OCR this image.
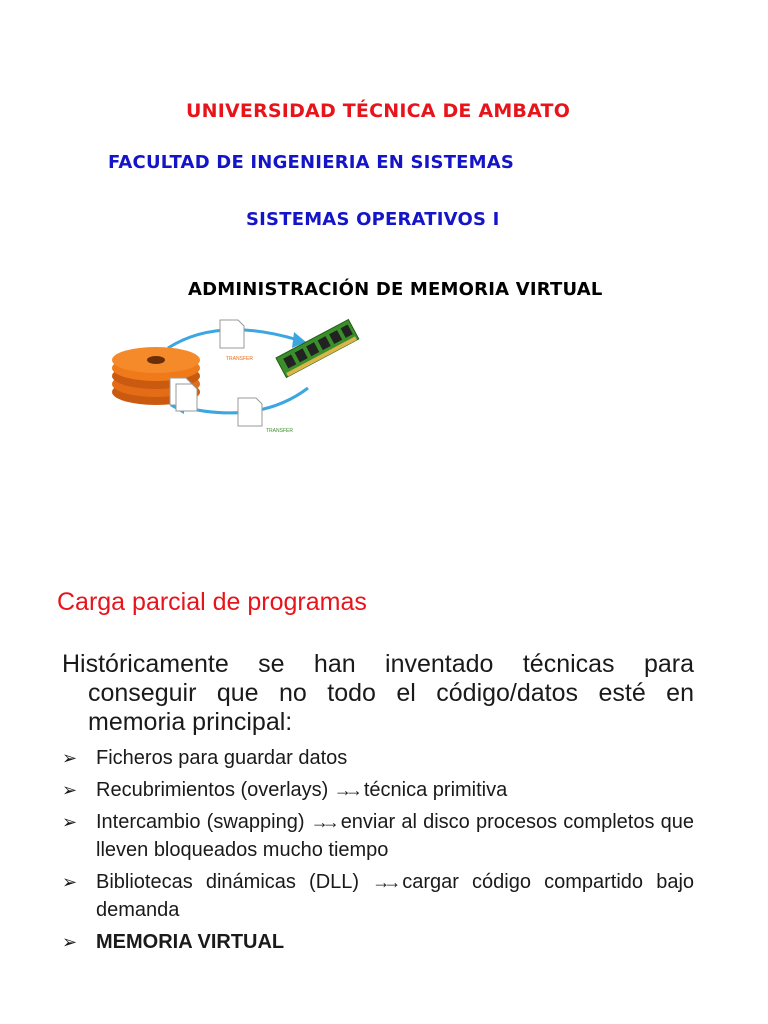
UNIVERSIDAD TÉCNICA DE AMBATO
FACULTAD DE INGENIERIA EN SISTEMAS
SISTEMAS OPERATIVOS I
ADMINISTRACIÓN DE MEMORIA VIRTUAL
TRANSFER
TRANSFER
Carga parcial de programas

Históricamente se han inventado técnicas para conseguir que no todo el código/datos esté en memoria principal:

➢ Ficheros para guardar datos
➢ Recubrimientos (overlays) →→ técnica primitiva
➢ Intercambio (swapping) →→ enviar al disco procesos completos que lleven bloqueados mucho tiempo
➢ Bibliotecas dinámicas (DLL) →→ cargar código compartido bajo demanda
➢ MEMORIA VIRTUAL
